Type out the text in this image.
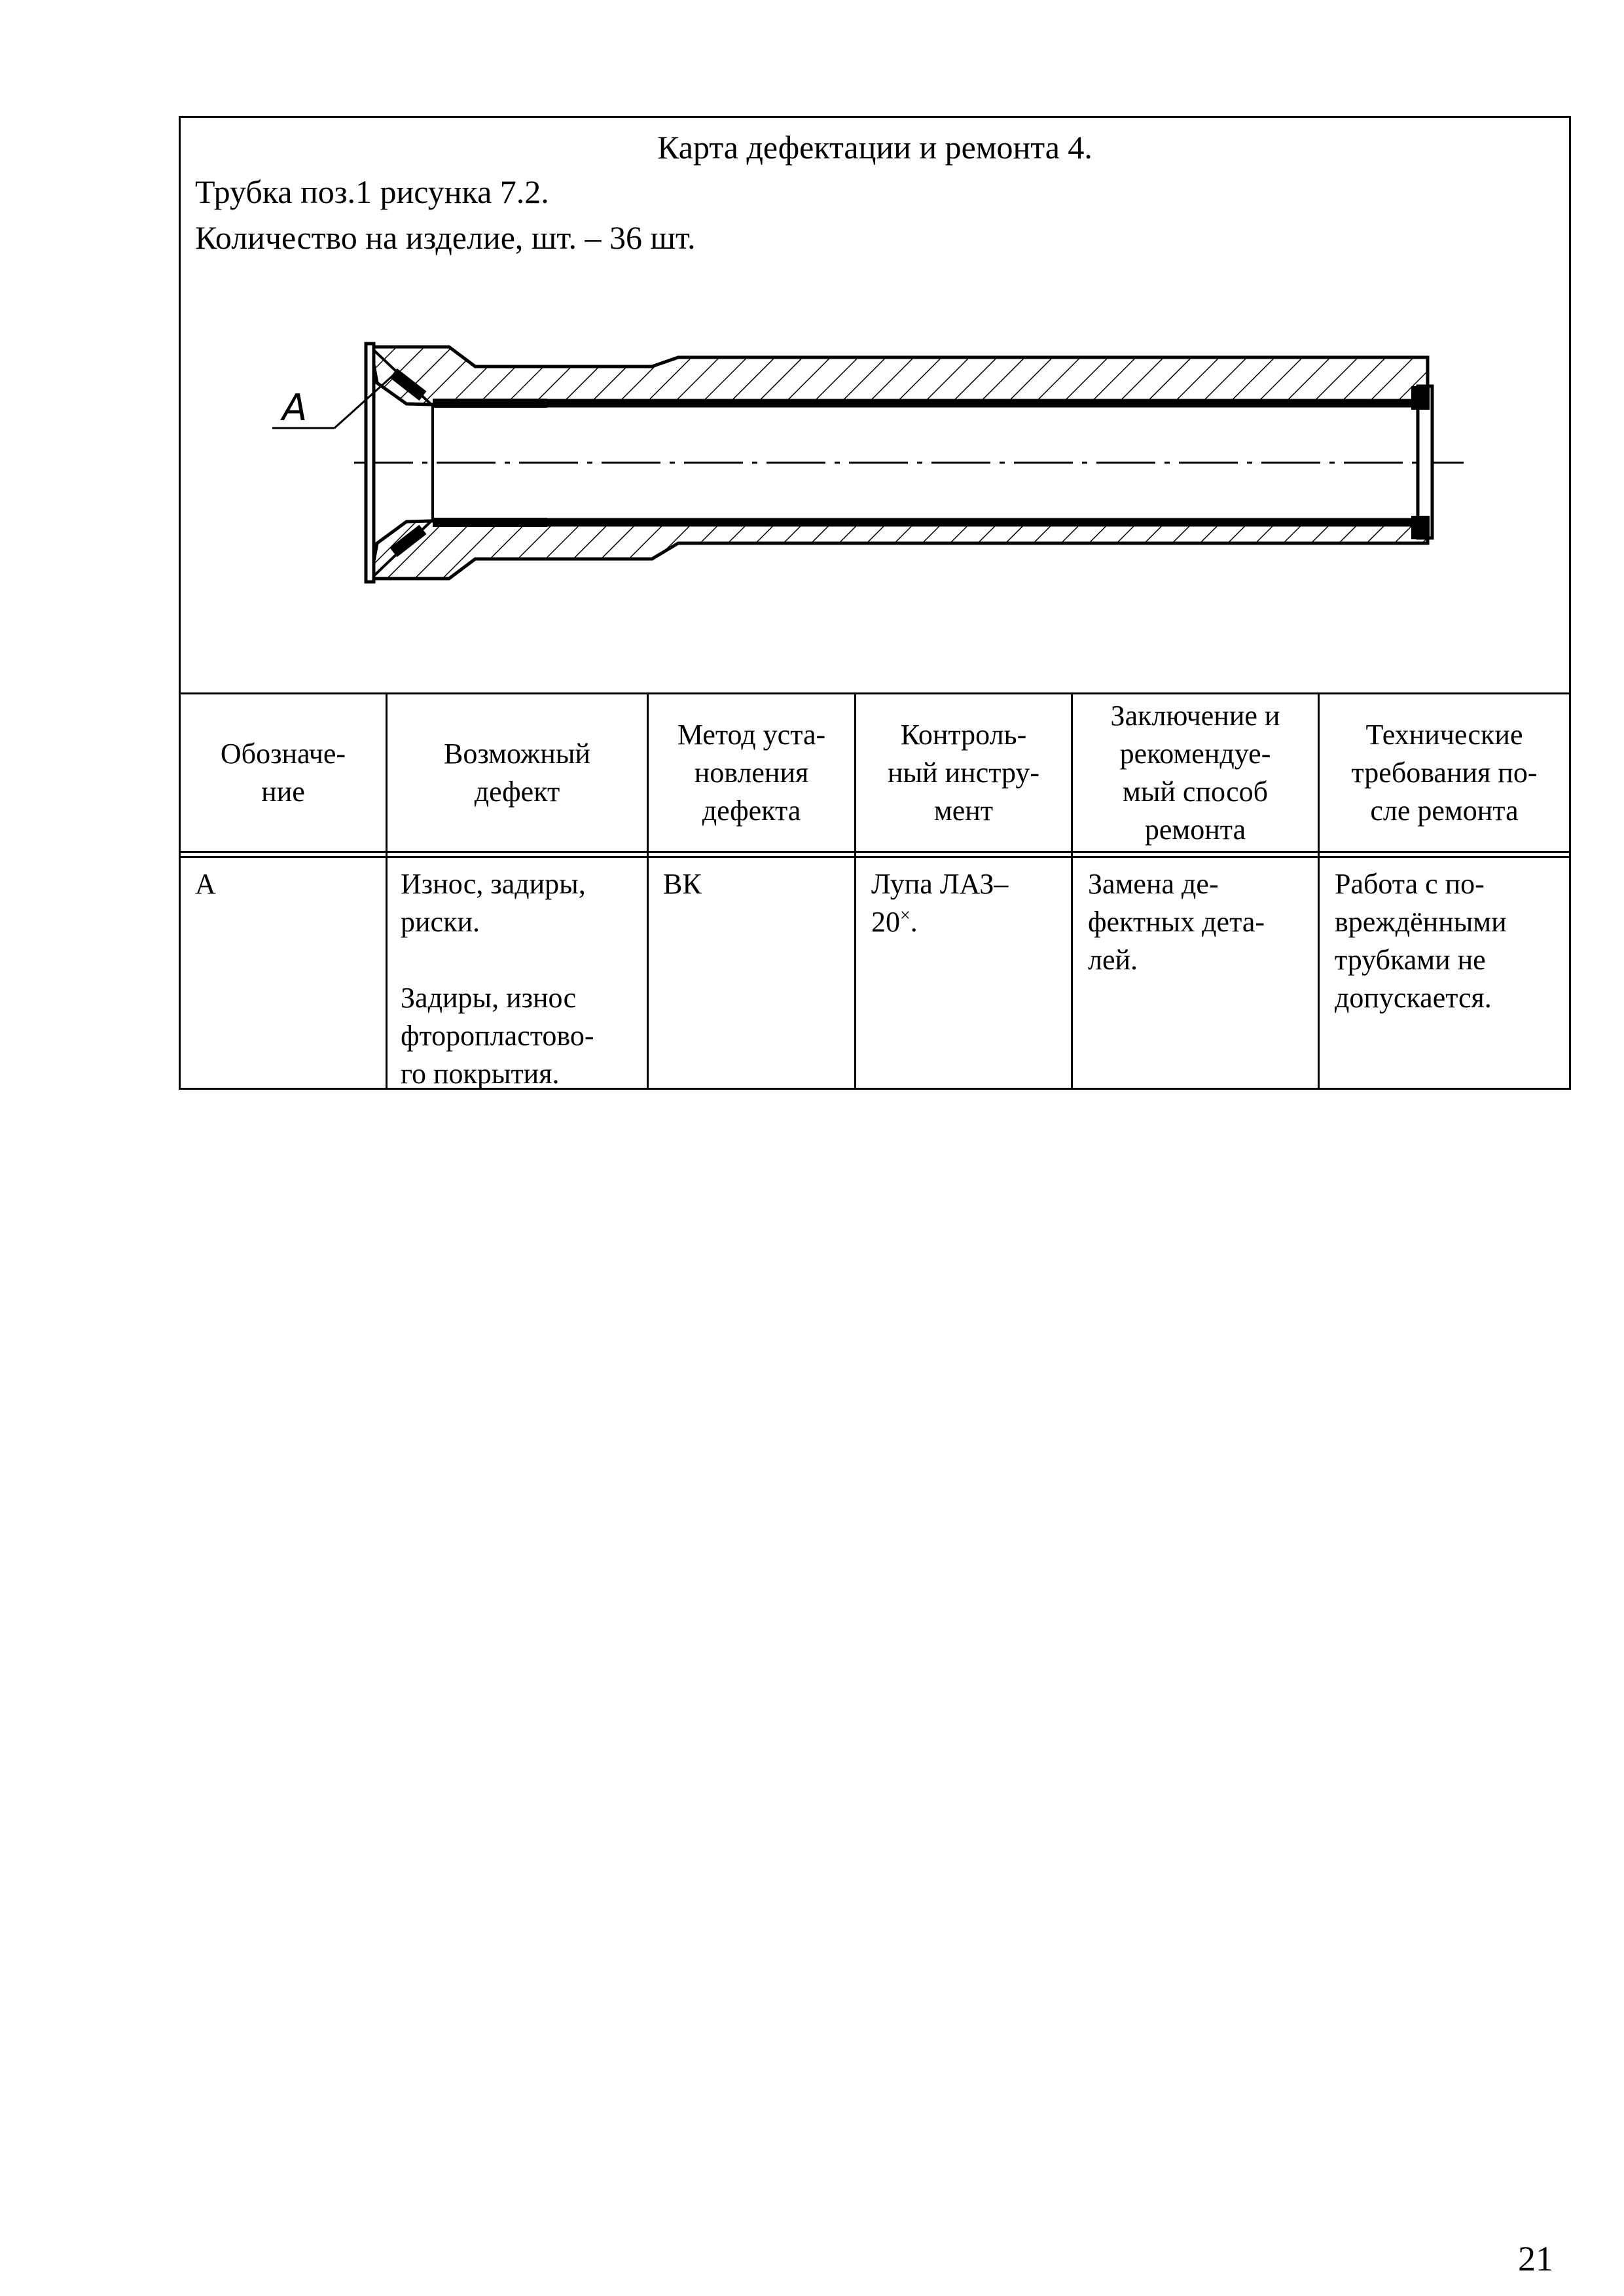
Карта дефектации и ремонта 4.
Трубка поз.1 рисунка 7.2.
Количество на изделие, шт. – 36 шт.
А
Обозначе-
ние
Возможный
дефект
Метод уста-
новления
дефекта
Контроль-
ный инстру-
мент
Заключение и
рекомендуе-
мый способ
ремонта
Технические
требования по-
сле ремонта
А	Износ, задиры,
риски.

Задиры, износ
фторопластово-
го покрытия.
ВК	Лупа ЛАЗ–
20×.
Замена де-
фектных дета-
лей.
Работа с по-
вреждёнными
трубками не
допускается.
21
